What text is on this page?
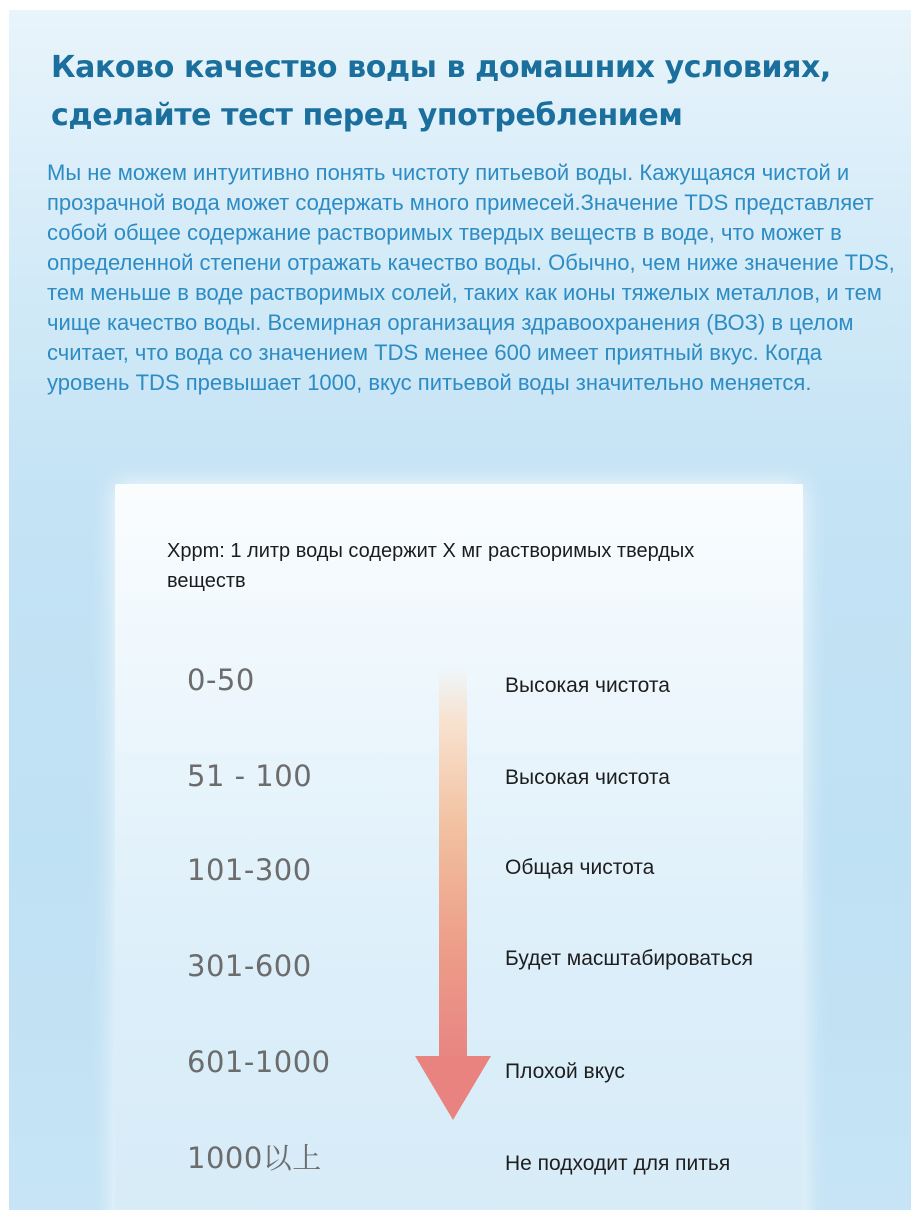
Каково качество воды в домашних условиях, сделайте тест перед употреблением

Мы не можем интуитивно понять чистоту питьевой воды. Кажущаяся чистой и прозрачной вода может содержать много примесей.Значение TDS представляет собой общее содержание растворимых твердых веществ в воде, что может в определенной степени отражать качество воды. Обычно, чем ниже значение TDS, тем меньше в воде растворимых солей, таких как ионы тяжелых металлов, и тем чище качество воды. Всемирная организация здравоохранения (ВОЗ) в целом считает, что вода со значением TDS менее 600 имеет приятный вкус. Когда уровень TDS превышает 1000, вкус питьевой воды значительно меняется.

Xppm: 1 литр воды содержит X мг растворимых твердых веществ

0-50	Высокая чистота
51 - 100	Высокая чистота
101-300	Общая чистота
301-600	Будет масштабироваться
601-1000	Плохой вкус
1000以上	Не подходит для питья
